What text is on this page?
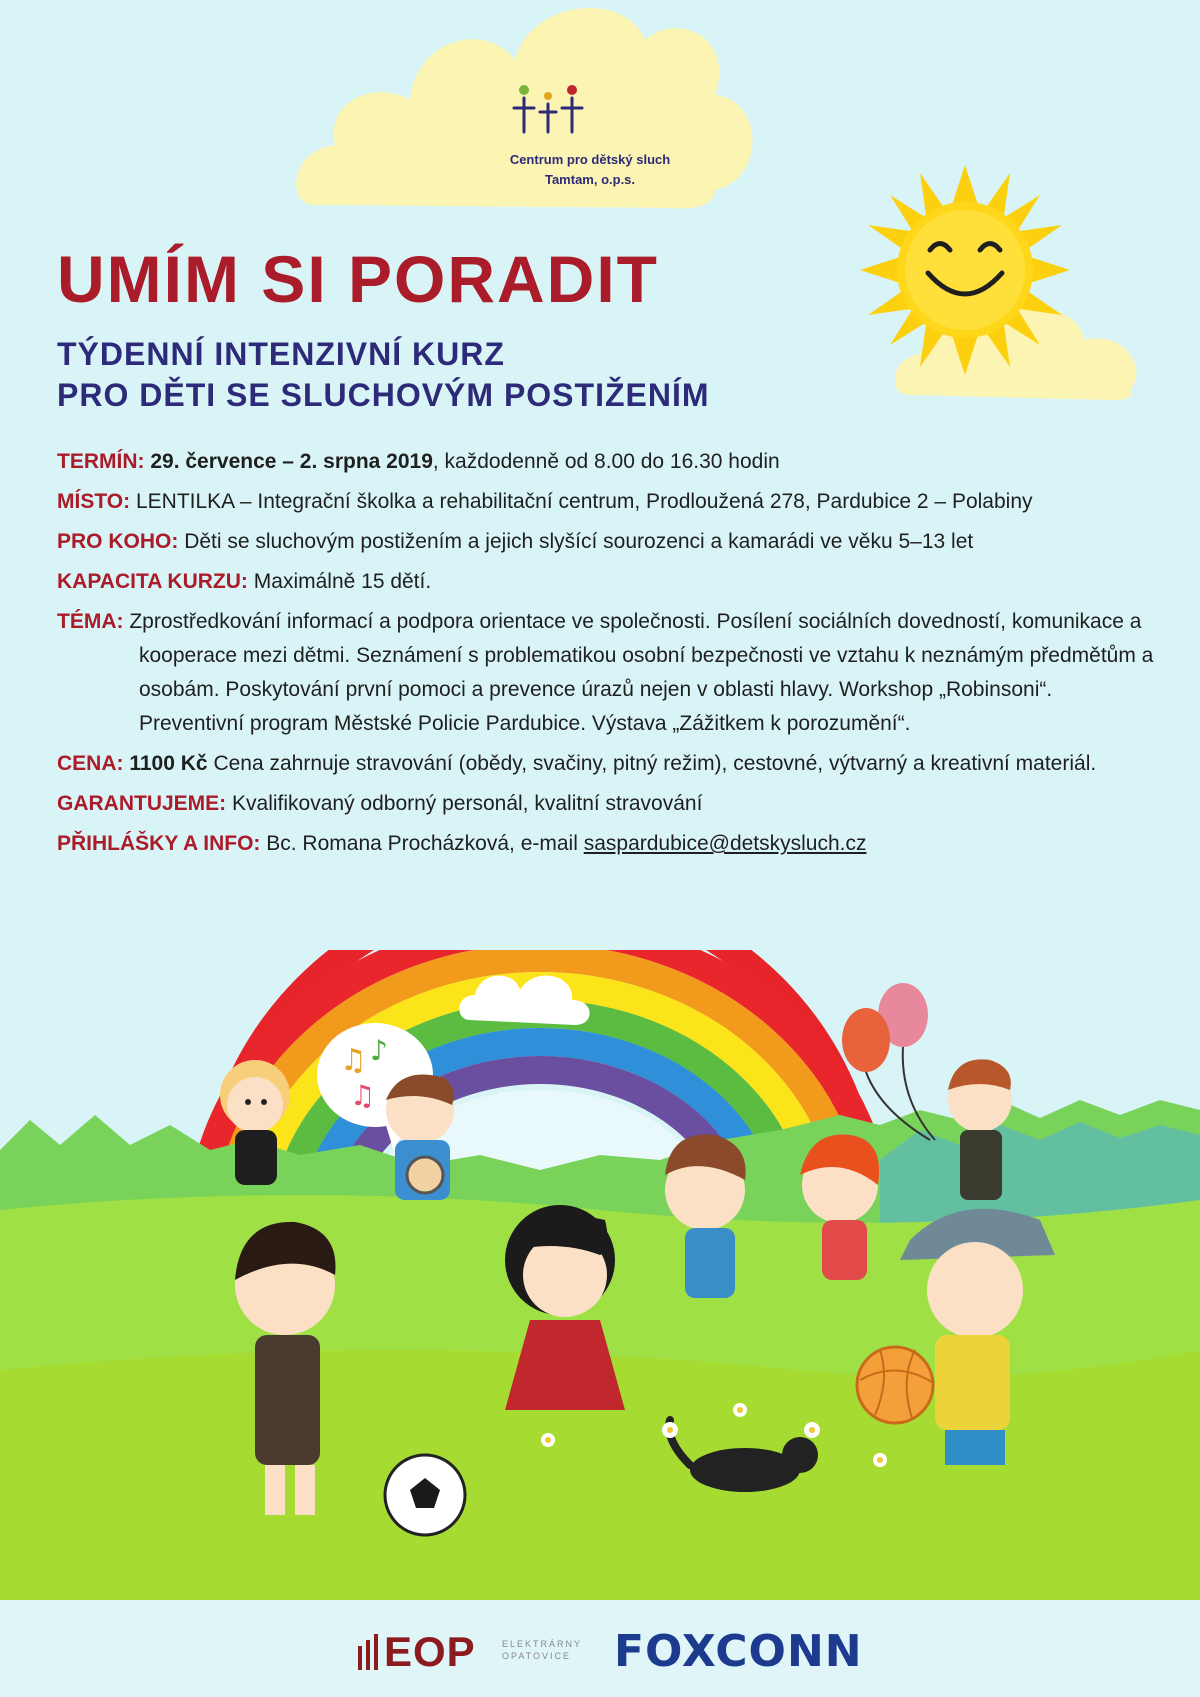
Centrum pro dětský sluch
Tamtam, o.p.s.
UMÍM SI PORADIT

TÝDENNÍ INTENZIVNÍ KURZ

PRO DĚTI SE SLUCHOVÝM POSTIŽENÍM

TERMÍN: 29. července – 2. srpna 2019, každodenně od 8.00 do 16.30 hodin

MÍSTO: LENTILKA – Integrační školka a rehabilitační centrum, Prodloužená 278, Pardubice 2 – Polabiny

PRO KOHO: Děti se sluchovým postižením a jejich slyšící sourozenci a kamarádi ve věku 5–13 let

KAPACITA KURZU: Maximálně 15 dětí.

TÉMA: Zprostředkování informací a podpora orientace ve společnosti. Posílení sociálních dovedností, komunikace a kooperace mezi dětmi. Seznámení s problematikou osobní bezpečnosti ve vztahu k neznámým předmětům a osobám. Poskytování první pomoci a prevence úrazů nejen v oblasti hlavy. Workshop „Robinsoni“. Preventivní program Městské Policie Pardubice. Výstava „Zážitkem k porozumění“.

CENA: 1100 Kč Cena zahrnuje stravování (obědy, svačiny, pitný režim), cestovné, výtvarný a kreativní materiál.

GARANTUJEME: Kvalifikovaný odborný personál, kvalitní stravování

PŘIHLÁŠKY A INFO: Bc. Romana Procházková, e-mail saspardubice@detskysluch.cz

♫ ♪
♫
EOP	ELEKTRÁRNY
OPATOVICE FOXCONN
